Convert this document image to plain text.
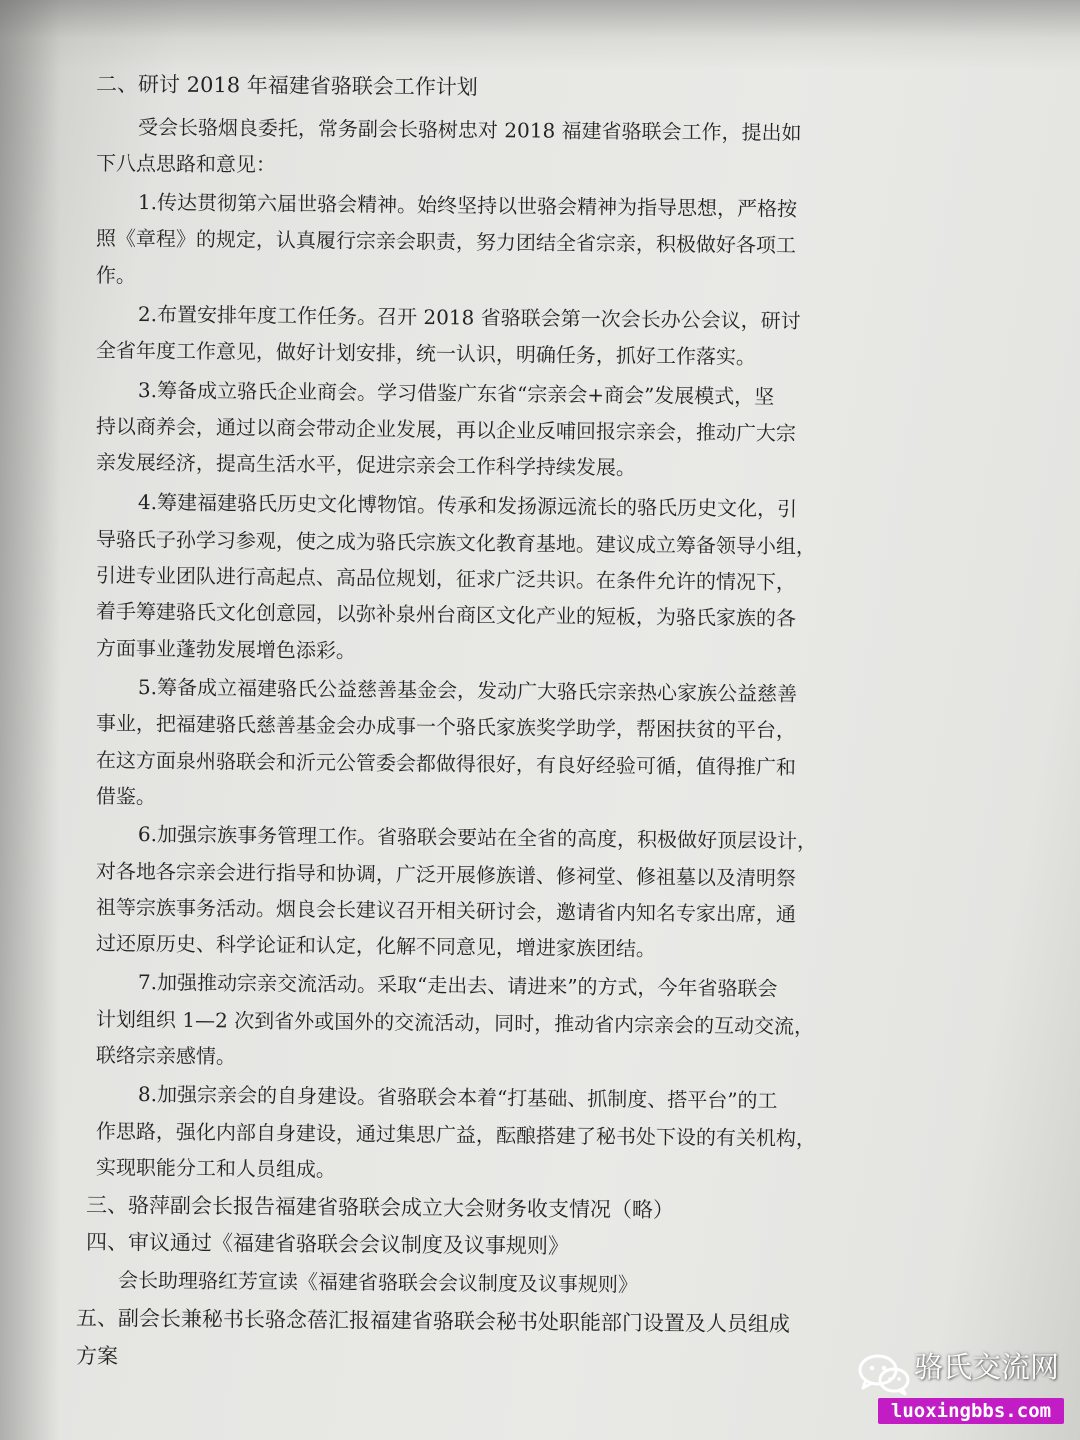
二、研讨 2018 年福建省骆联会工作计划
受会长骆烟良委托，常务副会长骆树忠对 2018 福建省骆联会工作，提出如
下八点思路和意见：
1.传达贯彻第六届世骆会精神。始终坚持以世骆会精神为指导思想，严格按
照《章程》的规定，认真履行宗亲会职责，努力团结全省宗亲，积极做好各项工
作。
2.布置安排年度工作任务。召开 2018 省骆联会第一次会长办公会议，研讨
全省年度工作意见，做好计划安排，统一认识，明确任务，抓好工作落实。
3.筹备成立骆氏企业商会。学习借鉴广东省“宗亲会+商会”发展模式，坚
持以商养会，通过以商会带动企业发展，再以企业反哺回报宗亲会，推动广大宗
亲发展经济，提高生活水平，促进宗亲会工作科学持续发展。
4.筹建福建骆氏历史文化博物馆。传承和发扬源远流长的骆氏历史文化，引
导骆氏子孙学习参观，使之成为骆氏宗族文化教育基地。建议成立筹备领导小组，
引进专业团队进行高起点、高品位规划，征求广泛共识。在条件允许的情况下，
着手筹建骆氏文化创意园，以弥补泉州台商区文化产业的短板，为骆氏家族的各
方面事业蓬勃发展增色添彩。
5.筹备成立福建骆氏公益慈善基金会，发动广大骆氏宗亲热心家族公益慈善
事业，把福建骆氏慈善基金会办成事一个骆氏家族奖学助学，帮困扶贫的平台，
在这方面泉州骆联会和沂元公管委会都做得很好，有良好经验可循，值得推广和
借鉴。
6.加强宗族事务管理工作。省骆联会要站在全省的高度，积极做好顶层设计，
对各地各宗亲会进行指导和协调，广泛开展修族谱、修祠堂、修祖墓以及清明祭
祖等宗族事务活动。烟良会长建议召开相关研讨会，邀请省内知名专家出席，通
过还原历史、科学论证和认定，化解不同意见，增进家族团结。
7.加强推动宗亲交流活动。采取“走出去、请进来”的方式，今年省骆联会
计划组织 1—2 次到省外或国外的交流活动，同时，推动省内宗亲会的互动交流，
联络宗亲感情。
8.加强宗亲会的自身建设。省骆联会本着“打基础、抓制度、搭平台”的工
作思路，强化内部自身建设，通过集思广益，酝酿搭建了秘书处下设的有关机构，
实现职能分工和人员组成。
三、骆萍副会长报告福建省骆联会成立大会财务收支情况（略）
四、审议通过《福建省骆联会会议制度及议事规则》
会长助理骆红芳宣读《福建省骆联会会议制度及议事规则》
五、副会长兼秘书长骆念蓓汇报福建省骆联会秘书处职能部门设置及人员组成
方案	骆氏交流网
luoxingbbs.com
